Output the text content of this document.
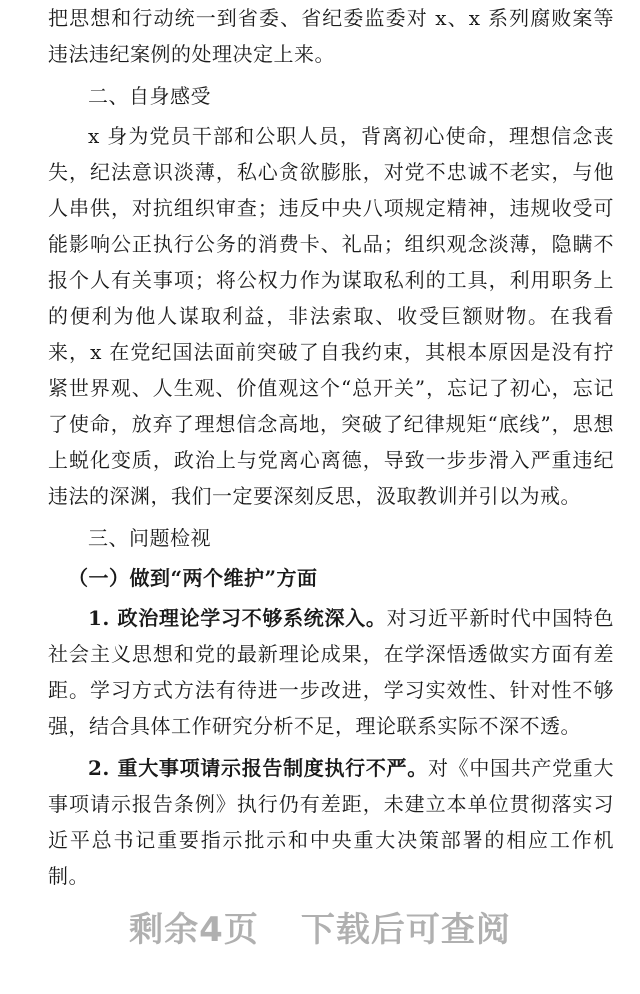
把思想和行动统一到省委、省纪委监委对 x、x 系列腐败案等违法违纪案例的处理决定上来。

二、自身感受

x 身为党员干部和公职人员，背离初心使命，理想信念丧失，纪法意识淡薄，私心贪欲膨胀，对党不忠诚不老实，与他人串供，对抗组织审查；违反中央八项规定精神，违规收受可能影响公正执行公务的消费卡、礼品；组织观念淡薄，隐瞒不报个人有关事项；将公权力作为谋取私利的工具，利用职务上的便利为他人谋取利益，非法索取、收受巨额财物。在我看来，x 在党纪国法面前突破了自我约束，其根本原因是没有拧紧世界观、人生观、价值观这个“总开关”，忘记了初心，忘记了使命，放弃了理想信念高地，突破了纪律规矩“底线”，思想上蜕化变质，政治上与党离心离德，导致一步步滑入严重违纪违法的深渊，我们一定要深刻反思，汲取教训并引以为戒。

三、问题检视
（一）做到“两个维护”方面

1. 政治理论学习不够系统深入。对习近平新时代中国特色社会主义思想和党的最新理论成果，在学深悟透做实方面有差距。学习方式方法有待进一步改进，学习实效性、针对性不够强，结合具体工作研究分析不足，理论联系实际不深不透。

2. 重大事项请示报告制度执行不严。对《中国共产党重大事项请示报告条例》执行仍有差距，未建立本单位贯彻落实习近平总书记重要指示批示和中央重大决策部署的相应工作机制。

剩余4页 下载后可查阅
